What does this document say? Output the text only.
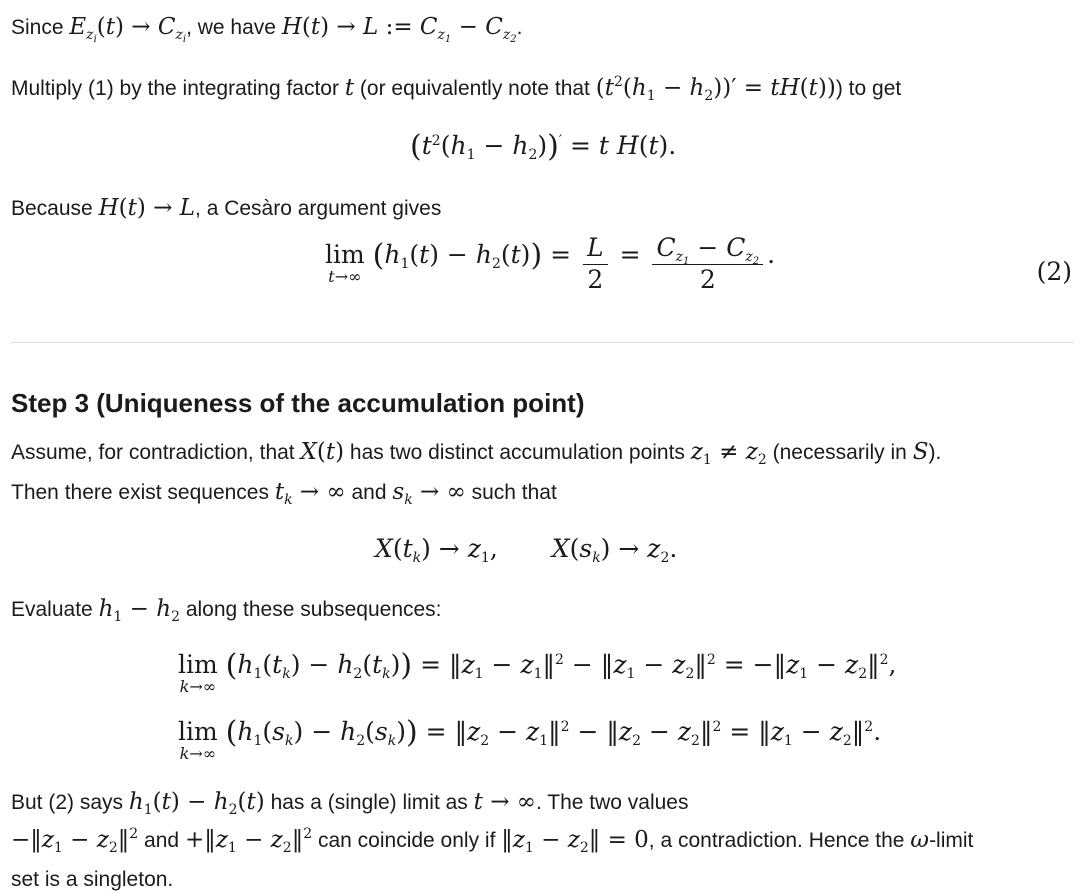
Since $E_{z_i}(t) \to C_{z_i}$, we have H(t) → L := $C_{z_1} - C_{z_2}$.
Multiply (1) by the integrating factor t (or equivalently note that $(t^2(h_1 - h_2))' = tH(t)$)) to get
$(t^2(h_1 - h_2))' = t$ H(t).
Because H(t) → L, a Cesàro argument gives
lim
t→∞
$(h_1(t) - h_2(t)) = \frac{L}{2} = \frac{C_{z_1} - C_{z_2}}{2}$ .
(2)
Step 3 (Uniqueness of the accumulation point)
Assume, for contradiction, that X(t) has two distinct accumulation points $z_1 \ne z_2$ (necessarily in S).
Then there exist sequences $t_k$ → ∞ and $s_k$ → ∞ such that
$X(t_k) \to z_1$, $X(s_k) \to z_2$.
Evaluate $h_1 - h_2$ along these subsequences:
lim
k→∞
$(h_1(t_k) - h_2(t_k))$ = $‖z_1$ − $z_1‖^2$ − $‖z_1$ − $z_2‖^2$ = $-‖z_1$ − $z_2‖^2$,
lim
k→∞
$(h_1(s_k) - h_2(s_k))$ = $‖z_2$ − $z_1‖^2$ − $‖z_2$ − $z_2‖^2$ = $‖z_1$ − $z_2‖^2$.
But (2) says $h_1(t) - h_2(t)$ has a (single) limit as t → ∞. The two values
$-‖z_1$ − $z_2‖^2$ and $+‖z_1$ − $z_2‖^2$ can coincide only if $‖z_1$ − $z_2‖ = 0$, a contradiction. Hence the ω-limit
set is a singleton.
